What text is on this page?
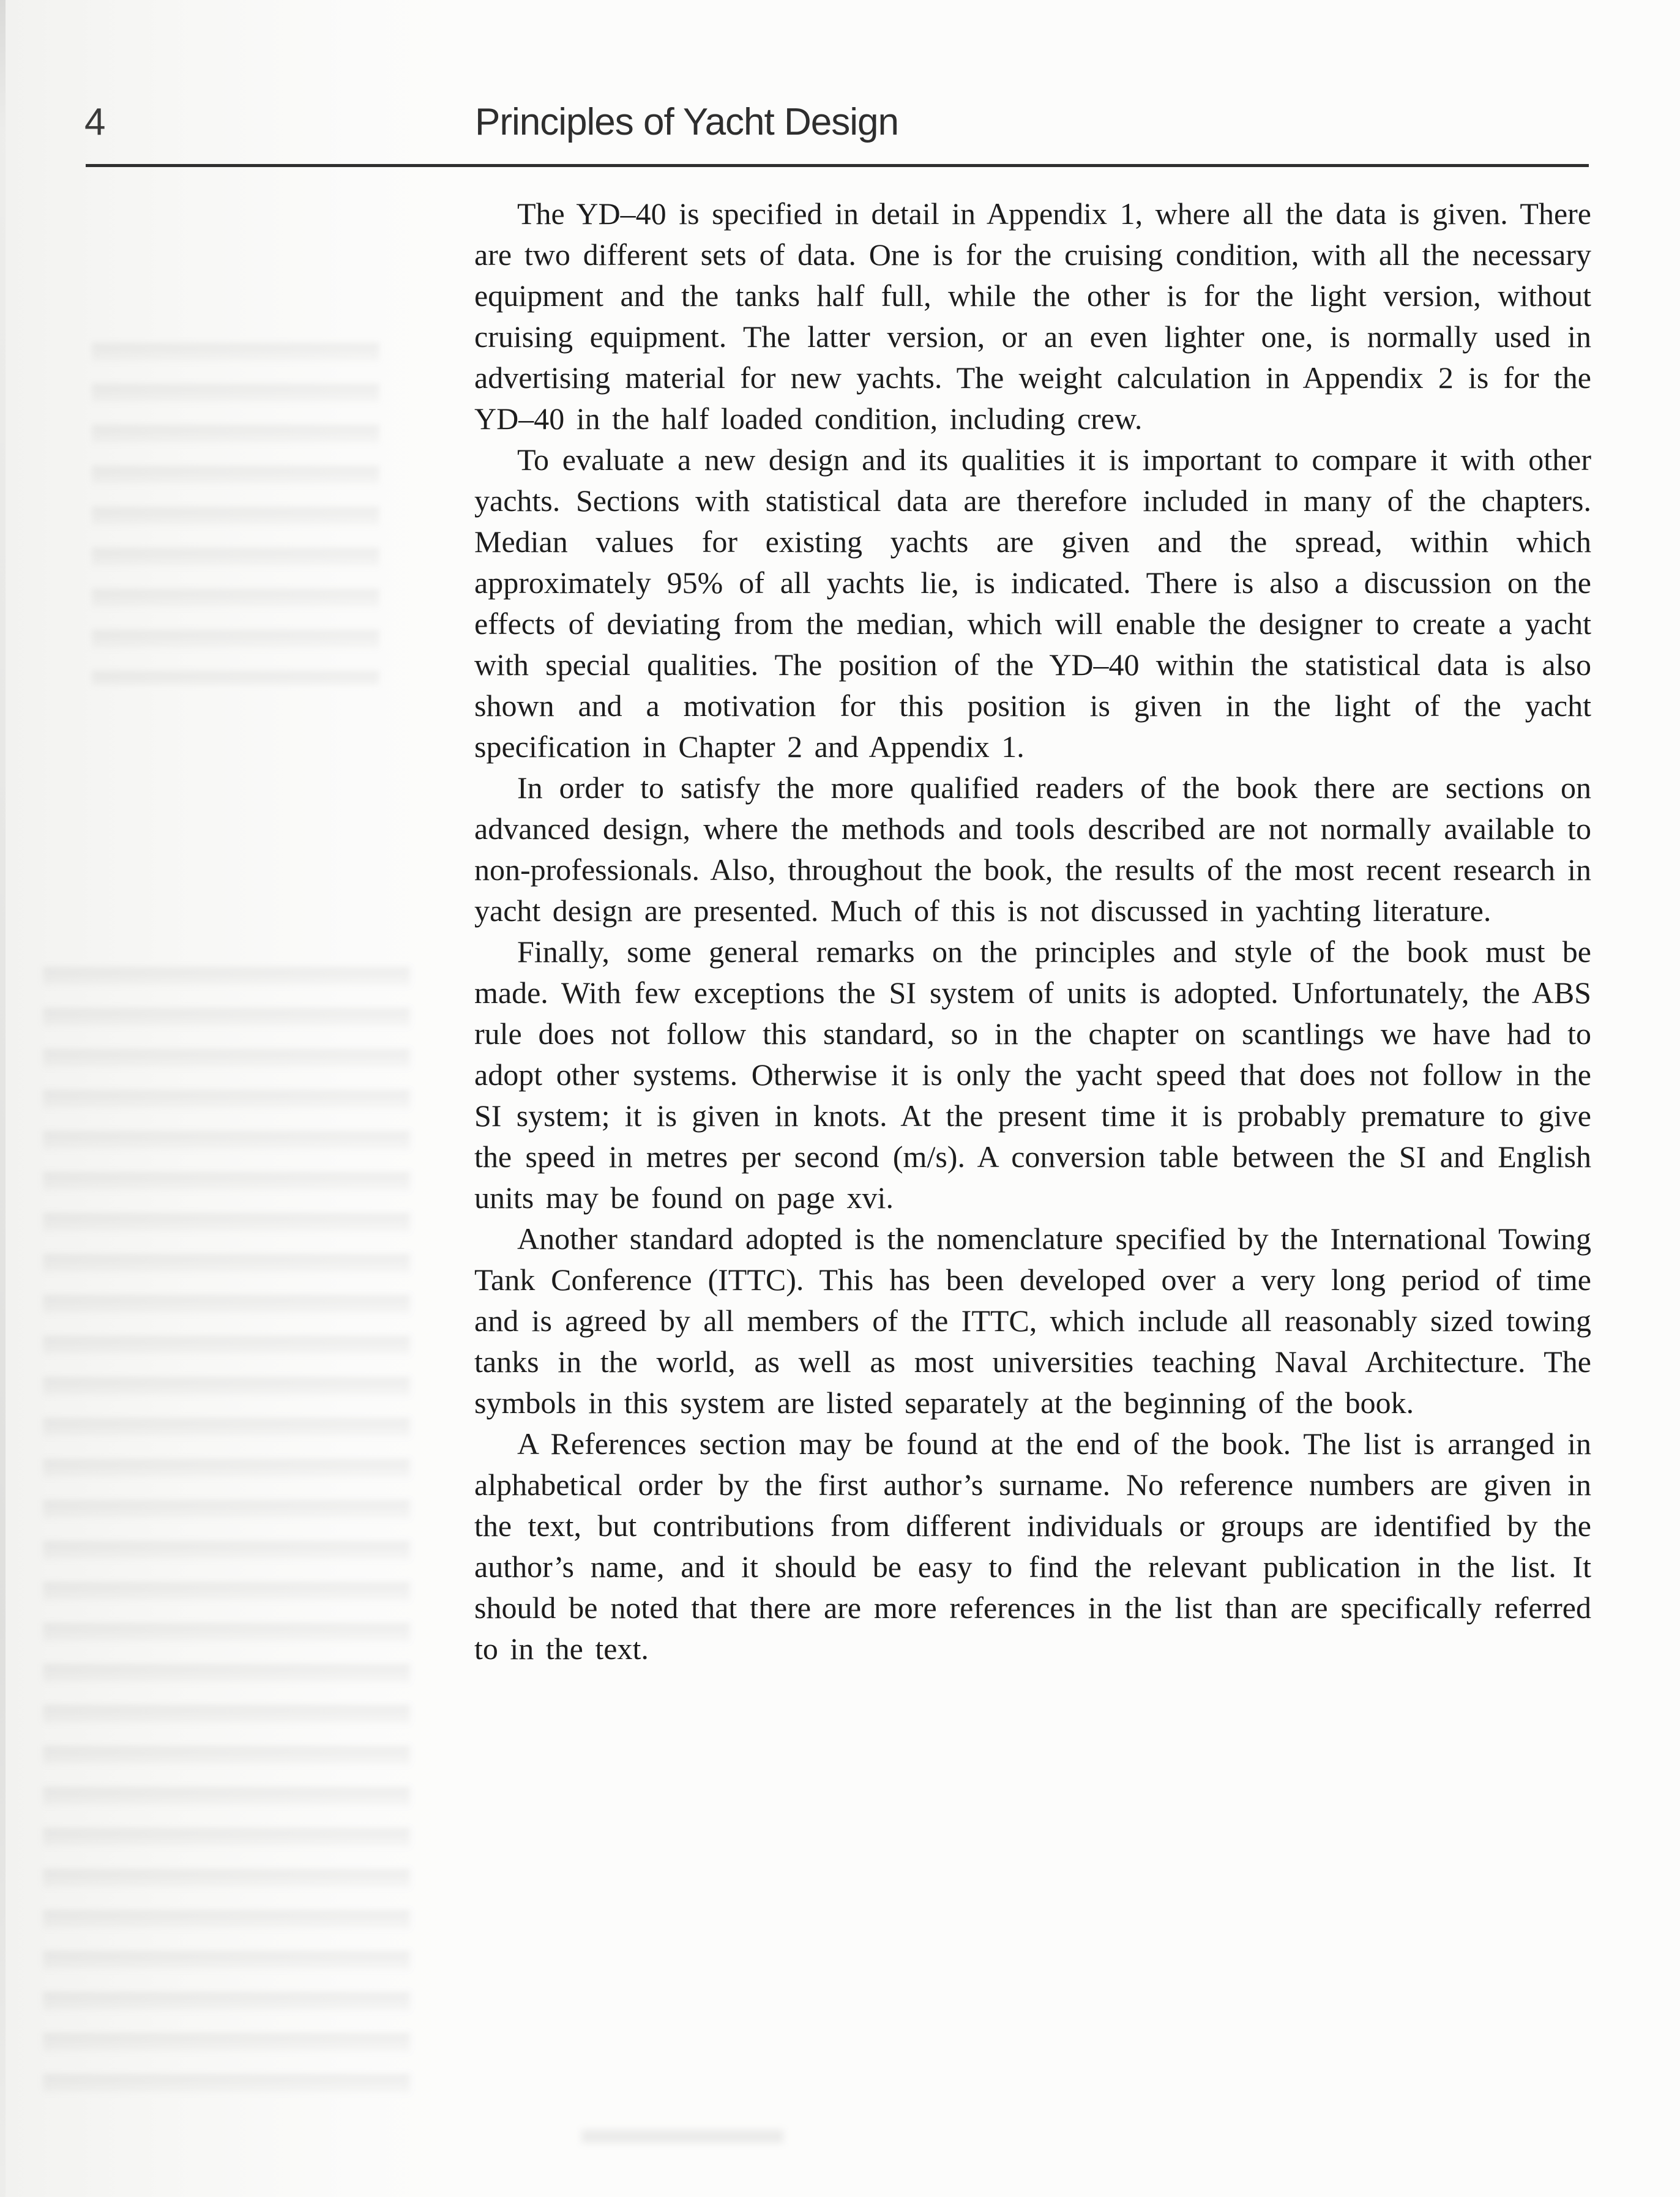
4	Principles of Yacht Design

The YD–40 is specified in detail in Appendix 1, where all the data is given. There are two different sets of data. One is for the cruising condition, with all the necessary equipment and the tanks half full, while the other is for the light version, without cruising equipment. The latter version, or an even lighter one, is normally used in advertising material for new yachts. The weight calculation in Appendix 2 is for the YD–40 in the half loaded condition, including crew.

To evaluate a new design and its qualities it is important to compare it with other yachts. Sections with statistical data are therefore included in many of the chapters. Median values for existing yachts are given and the spread, within which approximately 95% of all yachts lie, is indicated. There is also a discussion on the effects of deviating from the median, which will enable the designer to create a yacht with special qualities. The position of the YD–40 within the statistical data is also shown and a motivation for this position is given in the light of the yacht specification in Chapter 2 and Appendix 1.

In order to satisfy the more qualified readers of the book there are sections on advanced design, where the methods and tools described are not normally available to non-professionals. Also, throughout the book, the results of the most recent research in yacht design are presented. Much of this is not discussed in yachting literature.

Finally, some general remarks on the principles and style of the book must be made. With few exceptions the SI system of units is adopted. Unfortunately, the ABS rule does not follow this standard, so in the chapter on scantlings we have had to adopt other systems. Otherwise it is only the yacht speed that does not follow in the SI system; it is given in knots. At the present time it is probably premature to give the speed in metres per second (m/s). A conversion table between the SI and English units may be found on page xvi.

Another standard adopted is the nomenclature specified by the International Towing Tank Conference (ITTC). This has been developed over a very long period of time and is agreed by all members of the ITTC, which include all reasonably sized towing tanks in the world, as well as most universities teaching Naval Architecture. The symbols in this system are listed separately at the beginning of the book.

A References section may be found at the end of the book. The list is arranged in alphabetical order by the first author’s surname. No reference numbers are given in the text, but contributions from different individuals or groups are identified by the author’s name, and it should be easy to find the relevant publication in the list. It should be noted that there are more references in the list than are specifically referred to in the text.
